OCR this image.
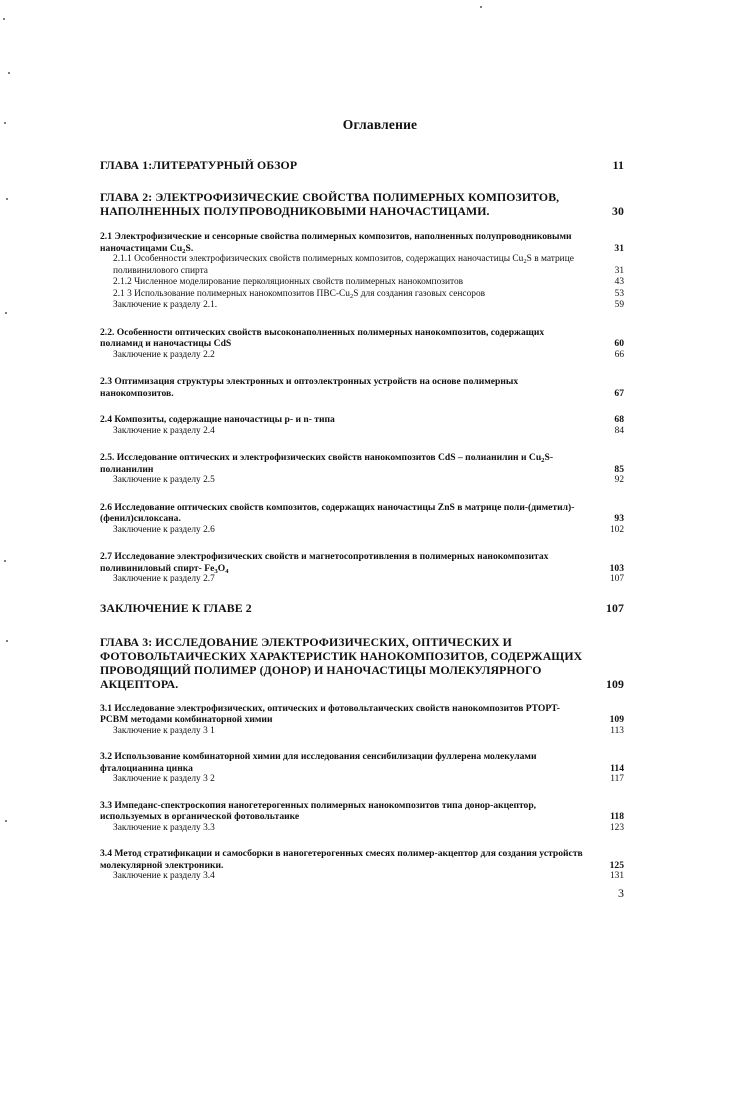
Оглавление
ГЛАВА 1:ЛИТЕРАТУРНЫЙ ОБЗОР	11
ГЛАВА 2: ЭЛЕКТРОФИЗИЧЕСКИЕ СВОЙСТВА ПОЛИМЕРНЫХ КОМПОЗИТОВ, НАПОЛНЕННЫХ ПОЛУПРОВОДНИКОВЫМИ НАНОЧАСТИЦАМИ.	30
2.1 Электрофизические и сенсорные свойства полимерных композитов, наполненных полупроводниковыми наночастицами $Cu_2S$.	31
2.1.1 Особенности электрофизических свойств полимерных композитов, содержащих наночастицы $Cu_2S$ в матрице поливинилового спирта	31
2.1.2 Численное моделирование перколяционных свойств полимерных нанокомпозитов	43
2.1 3 Использование полимерных нанокомпозитов ПВС-$Cu_2S$ для создания газовых сенсоров	53
Заключение к разделу 2.1.	59
2.2. Особенности оптических свойств высоконаполненных полимерных нанокомпозитов, содержащих полиамид и наночастицы CdS	60
Заключение к разделу 2.2	66
2.3 Оптимизация структуры электронных и оптоэлектронных устройств на основе полимерных нанокомпозитов.	67
2.4 Композиты, содержащие наночастицы р- и n- типа	68
Заключение к разделу 2.4	84
2.5. Исследование оптических и электрофизических свойств нанокомпозитов CdS – полианилин и $Cu_2S$-полианилин	85
Заключение к разделу 2.5	92
2.6 Исследование оптических свойств композитов, содержащих наночастицы ZnS в матрице поли-(диметил)- (фенил)силоксана.	93
Заключение к разделу 2.6	102
2.7 Исследование электрофизических свойств и магнетосопротивления в полимерных нанокомпозитах поливиниловый спирт- $Fe_3O_4$	103
Заключение к разделу 2.7	107
ЗАКЛЮЧЕНИЕ К ГЛАВЕ 2	107
ГЛАВА 3: ИССЛЕДОВАНИЕ ЭЛЕКТРОФИЗИЧЕСКИХ, ОПТИЧЕСКИХ И ФОТОВОЛЬТАИЧЕСКИХ ХАРАКТЕРИСТИК НАНОКОМПОЗИТОВ, СОДЕРЖАЩИХ ПРОВОДЯЩИЙ ПОЛИМЕР (ДОНОР) И НАНОЧАСТИЦЫ МОЛЕКУЛЯРНОГО АКЦЕПТОРА.	109
3.1 Исследование электрофизических, оптических и фотовольтаических свойств нанокомпозитов PTOPT-PCBM методами комбинаторной химии	109
Заключение к разделу 3 1	113
3.2 Использование комбинаторной химии для исследования сенсибилизации фуллерена молекулами фталоцианина цинка	114
Заключение к разделу 3 2	117
3.3 Импеданс-спектроскопия наногетерогенных полимерных нанокомпозитов типа донор-акцептор, используемых в органической фотовольтаике	118
Заключение к разделу 3.3	123
3.4 Метод стратификации и самосборки в наногетерогенных смесях полимер-акцептор для создания устройств молекулярной электроники.	125
Заключение к разделу 3.4	131
3
